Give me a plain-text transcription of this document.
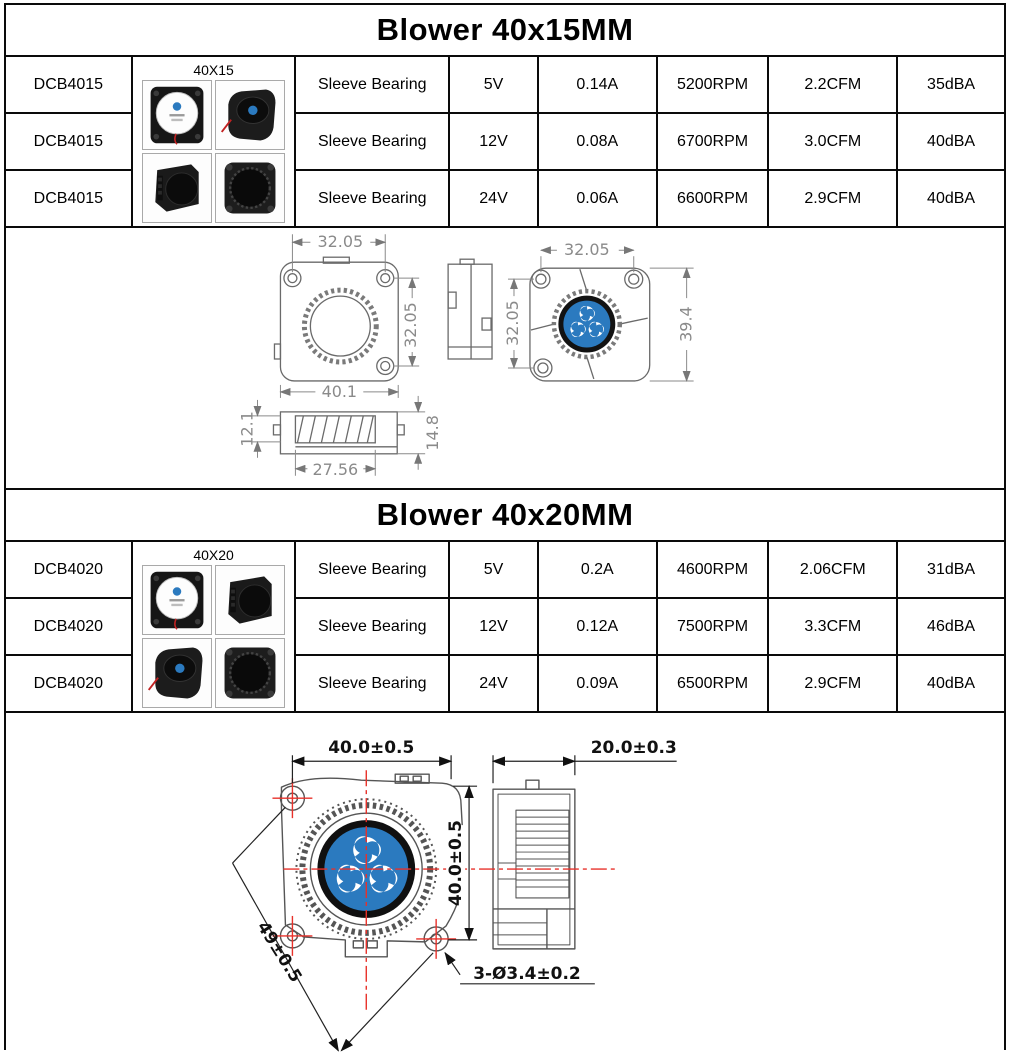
Blower 40x15MM
DCB4015	40X15	Sleeve Bearing	5V	0.14A	5200RPM	2.2CFM	35dBA
DCB4015		Sleeve Bearing	12V	0.08A	6700RPM	3.0CFM	40dBA
DCB4015		Sleeve Bearing	24V	0.06A	6600RPM	2.9CFM	40dBA
32.05
32.05
40.1
32.05
32.05	39.4
12.1	14.8
27.56
Blower 40x20MM
DCB4020	40X20	Sleeve Bearing	5V	0.2A	4600RPM	2.06CFM	31dBA
DCB4020		Sleeve Bearing	12V	0.12A	7500RPM	3.3CFM	46dBA
DCB4020		Sleeve Bearing	24V	0.09A	6500RPM	2.9CFM	40dBA
40.0±0.5
40.0±0.5
20.0±0.3
49±0.5	3-Ø3.4±0.2
